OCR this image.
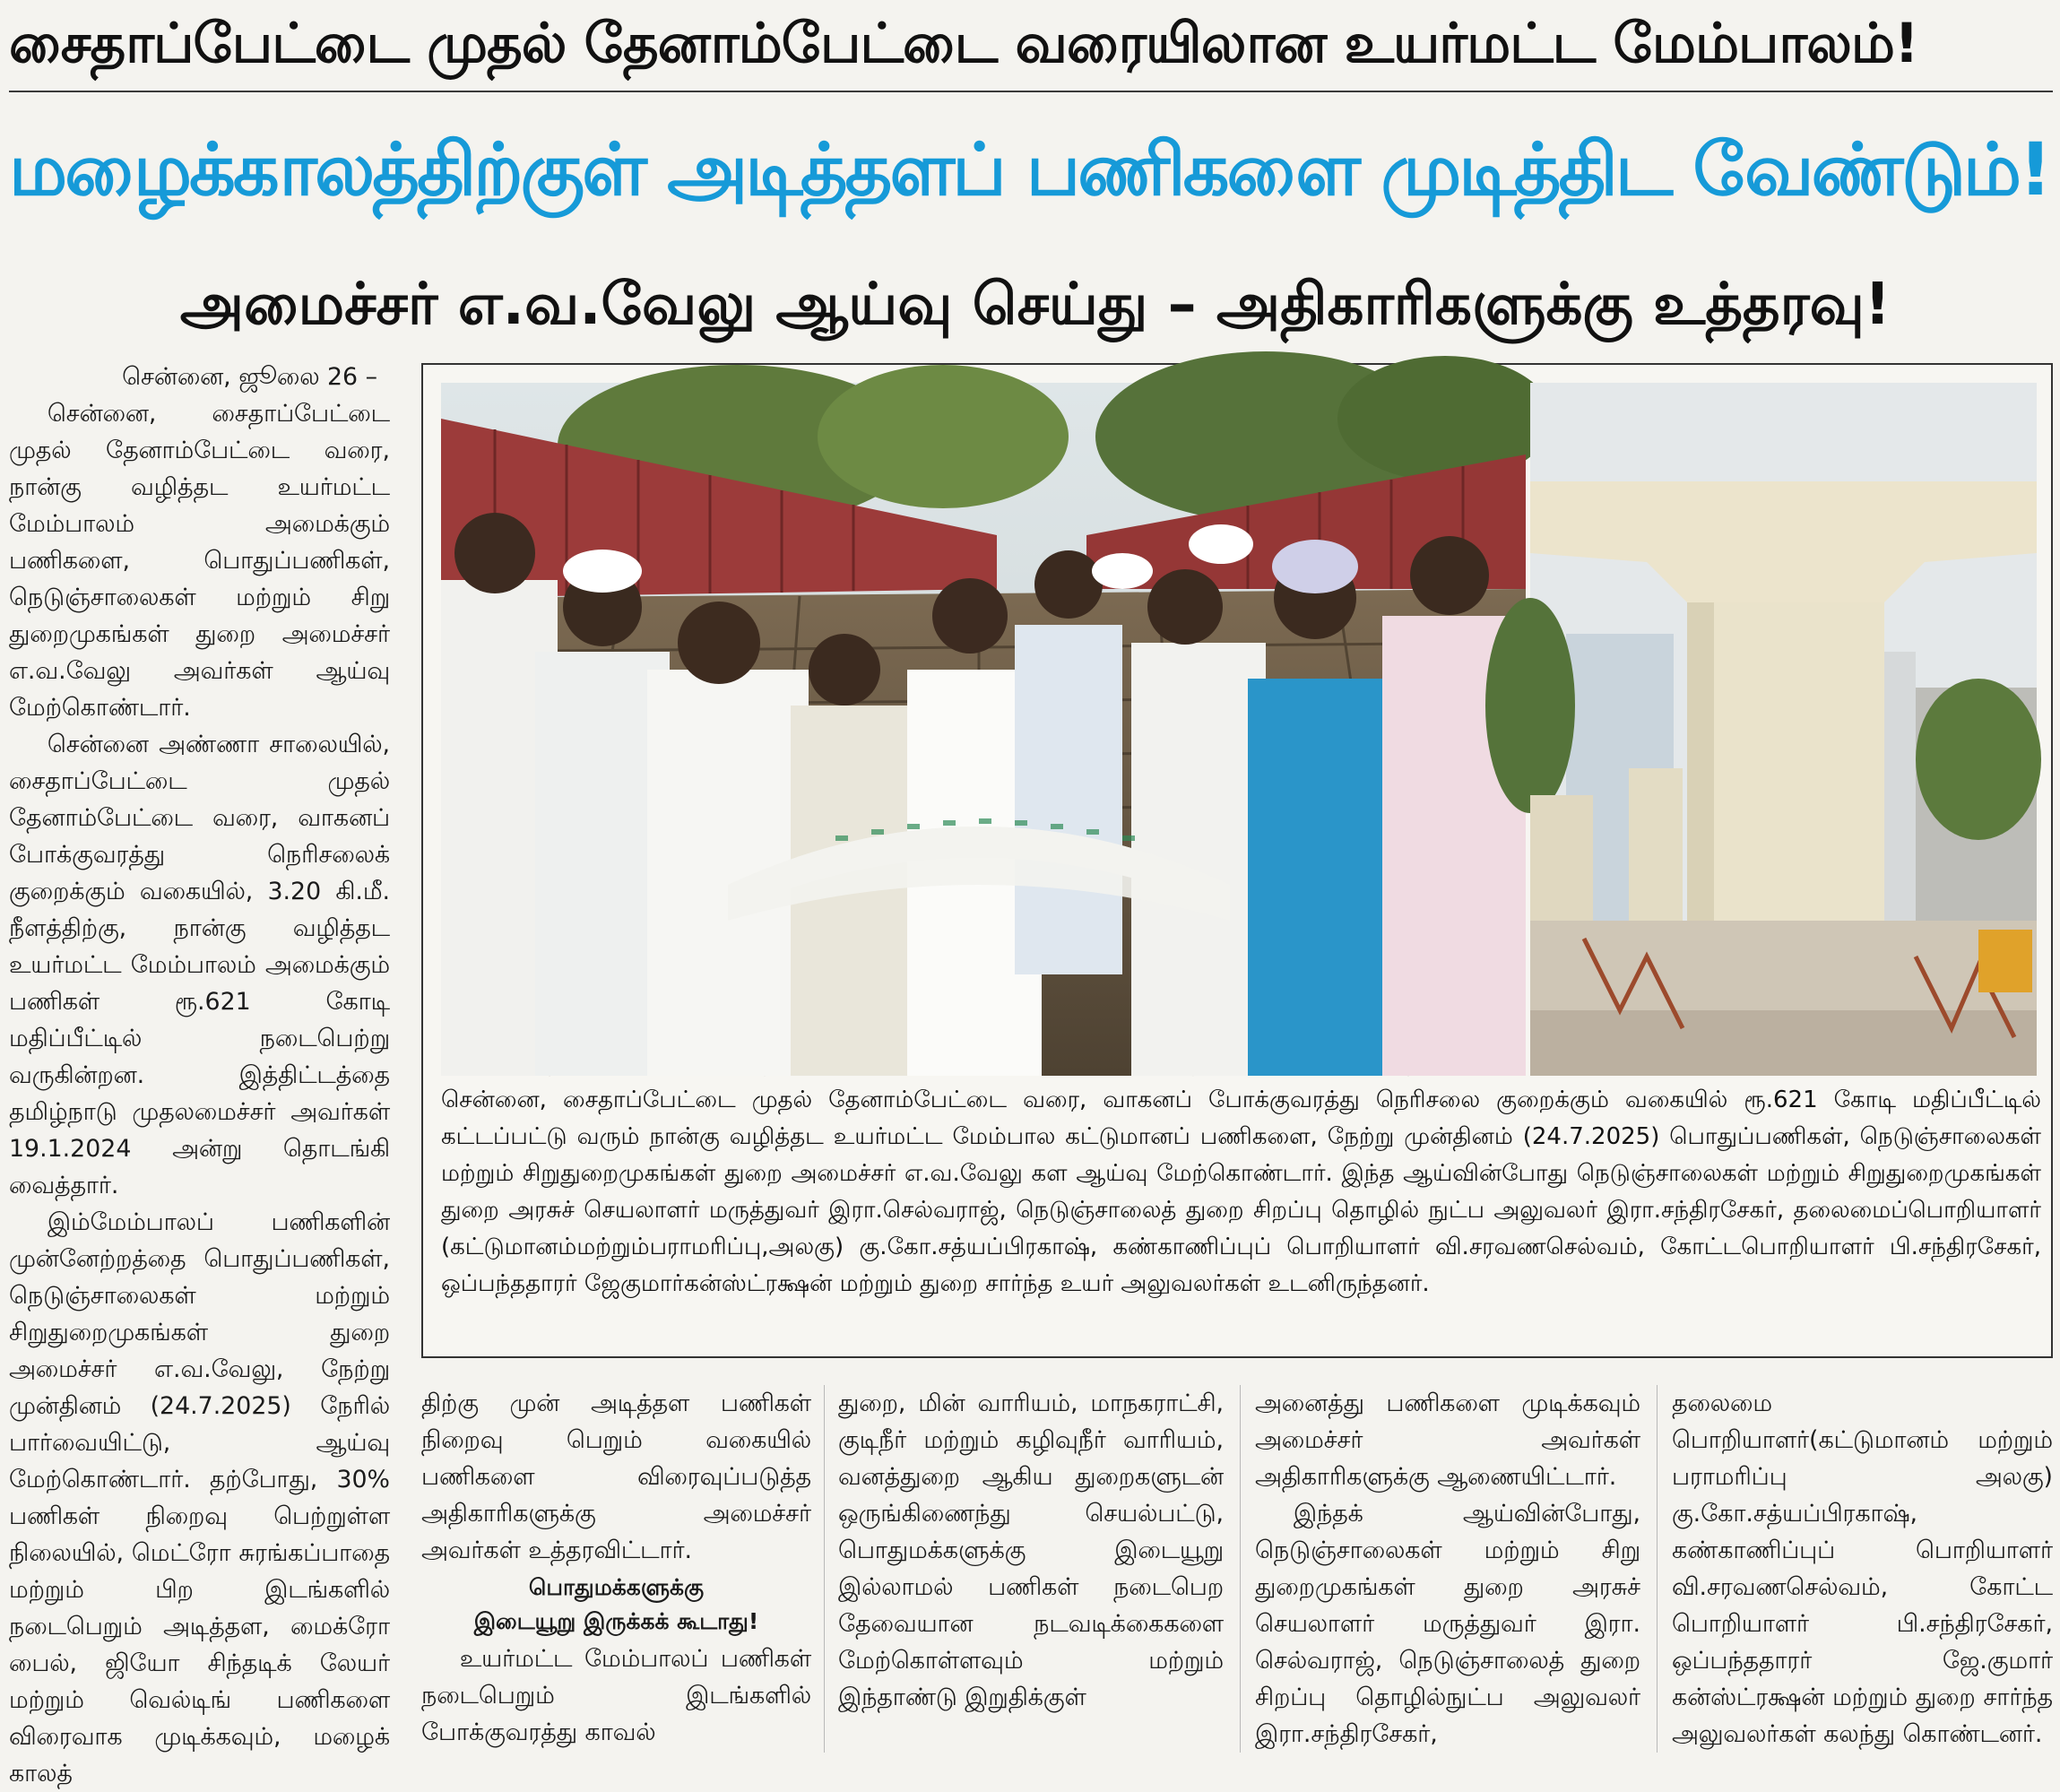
சைதாப்பேட்டை முதல் தேனாம்பேட்டை வரையிலான உயர்மட்ட மேம்பாலம்!
மழைக்காலத்திற்குள் அடித்தளப் பணிகளை முடித்திட வேண்டும்!
அமைச்சர் எ.வ.வேலு ஆய்வு செய்து – அதிகாரிகளுக்கு உத்தரவு!

சென்னை, ஜூலை 26 –

சென்னை, சைதாப்பேட்டை முதல் தேனாம்பேட்டை வரை, நான்கு வழித்தட உயர்மட்ட மேம்பாலம் அமைக்கும் பணிகளை, பொதுப்பணிகள், நெடுஞ்சாலைகள் மற்றும் சிறு துறைமுகங்கள் துறை அமைச்சர் எ.வ.வேலு அவர்கள் ஆய்வு மேற்கொண்டார்.

சென்னை அண்ணா சாலையில், சைதாப்பேட்டை முதல் தேனாம்பேட்டை வரை, வாகனப் போக்குவரத்து நெரிசலைக் குறைக்கும் வகையில், 3.20 கி.மீ. நீளத்திற்கு, நான்கு வழித்தட உயர்மட்ட மேம்பாலம் அமைக்கும் பணிகள் ரூ.621 கோடி மதிப்பீட்டில் நடைபெற்று வருகின்றன. இத்திட்டத்தை தமிழ்நாடு முதலமைச்சர் அவர்கள் 19.1.2024 அன்று தொடங்கி வைத்தார்.

இம்மேம்பாலப் பணிகளின் முன்னேற்றத்தை பொதுப்பணிகள், நெடுஞ்சாலைகள் மற்றும் சிறுதுறைமுகங்கள் துறை அமைச்சர் எ.வ.வேலு, நேற்று முன்தினம் (24.7.2025) நேரில் பார்வையிட்டு, ஆய்வு மேற்கொண்டார். தற்போது, 30% பணிகள் நிறைவு பெற்றுள்ள நிலையில், மெட்ரோ சுரங்கப்பாதை மற்றும் பிற இடங்களில் நடைபெறும் அடித்தள, மைக்ரோ பைல், ஜியோ சிந்தடிக் லேயர் மற்றும் வெல்டிங் பணிகளை விரைவாக முடிக்கவும், மழைக் காலத்

சென்னை, சைதாப்பேட்டை முதல் தேனாம்பேட்டை வரை, வாகனப் போக்குவரத்து நெரிசலை குறைக்கும் வகையில் ரூ.621 கோடி மதிப்பீட்டில் கட்டப்பட்டு வரும் நான்கு வழித்தட உயர்மட்ட மேம்பால கட்டுமானப் பணிகளை, நேற்று முன்தினம் (24.7.2025) பொதுப்பணிகள், நெடுஞ்சாலைகள் மற்றும் சிறுதுறைமுகங்கள் துறை அமைச்சர் எ.வ.வேலு கள ஆய்வு மேற்கொண்டார். இந்த ஆய்வின்போது நெடுஞ்சாலைகள் மற்றும் சிறுதுறைமுகங்கள் துறை அரசுச் செயலாளர் மருத்துவர் இரா.செல்வராஜ், நெடுஞ்சாலைத் துறை சிறப்பு தொழில் நுட்ப அலுவலர் இரா.சந்திரசேகர், தலைமைப்பொறியாளர் (கட்டுமானம்மற்றும்பராமரிப்பு,அலகு) கு.கோ.சத்யப்பிரகாஷ், கண்காணிப்புப் பொறியாளர் வி.சரவணசெல்வம், கோட்டபொறியாளர் பி.சந்திரசேகர், ஒப்பந்ததாரர் ஜேகுமார்கன்ஸ்ட்ரக்ஷன் மற்றும் துறை சார்ந்த உயர் அலுவலர்கள் உடனிருந்தனர்.

திற்கு முன் அடித்தள பணிகள் நிறைவு பெறும் வகையில் பணிகளை விரைவுப்படுத்த அதிகாரிகளுக்கு அமைச்சர் அவர்கள் உத்தரவிட்டார்.

பொதுமக்களுக்கு
இடையூறு இருக்கக் கூடாது!

உயர்மட்ட மேம்பாலப் பணிகள் நடைபெறும் இடங்களில் போக்குவரத்து காவல்

துறை, மின் வாரியம், மாநகராட்சி, குடிநீர் மற்றும் கழிவுநீர் வாரியம், வனத்துறை ஆகிய துறைகளுடன் ஒருங்கிணைந்து செயல்பட்டு, பொதுமக்களுக்கு இடையூறு இல்லாமல் பணிகள் நடைபெற தேவையான நடவடிக்கைகளை மேற்கொள்ளவும் மற்றும் இந்தாண்டு இறுதிக்குள்

அனைத்து பணிகளை முடிக்கவும் அமைச்சர் அவர்கள் அதிகாரிகளுக்கு ஆணையிட்டார்.

இந்தக் ஆய்வின்போது, நெடுஞ்சாலைகள் மற்றும் சிறு துறைமுகங்கள் துறை அரசுச் செயலாளர் மருத்துவர் இரா. செல்வராஜ், நெடுஞ்சாலைத் துறை சிறப்பு தொழில்நுட்ப அலுவலர் இரா.சந்திரசேகர்,

தலைமை பொறியாளர்(கட்டுமானம் மற்றும் பராமரிப்பு அலகு) கு.கோ.சத்யப்பிரகாஷ், கண்காணிப்புப் பொறியாளர் வி.சரவணசெல்வம், கோட்ட பொறியாளர் பி.சந்திரசேகர், ஒப்பந்ததாரர் ஜே.குமார் கன்ஸ்ட்ரக்ஷன் மற்றும் துறை சார்ந்த அலுவலர்கள் கலந்து கொண்டனர்.
